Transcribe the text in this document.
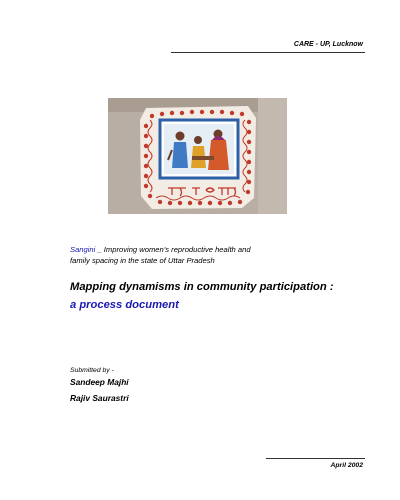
CARE - UP, Lucknow
Sangini _ Improving women’s reproductive health and
family spacing in the state of Uttar Pradesh
Mapping dynamisms in community participation :
a process document
Submitted by -
Sandeep Majhi
Rajiv Saurastri
April 2002
